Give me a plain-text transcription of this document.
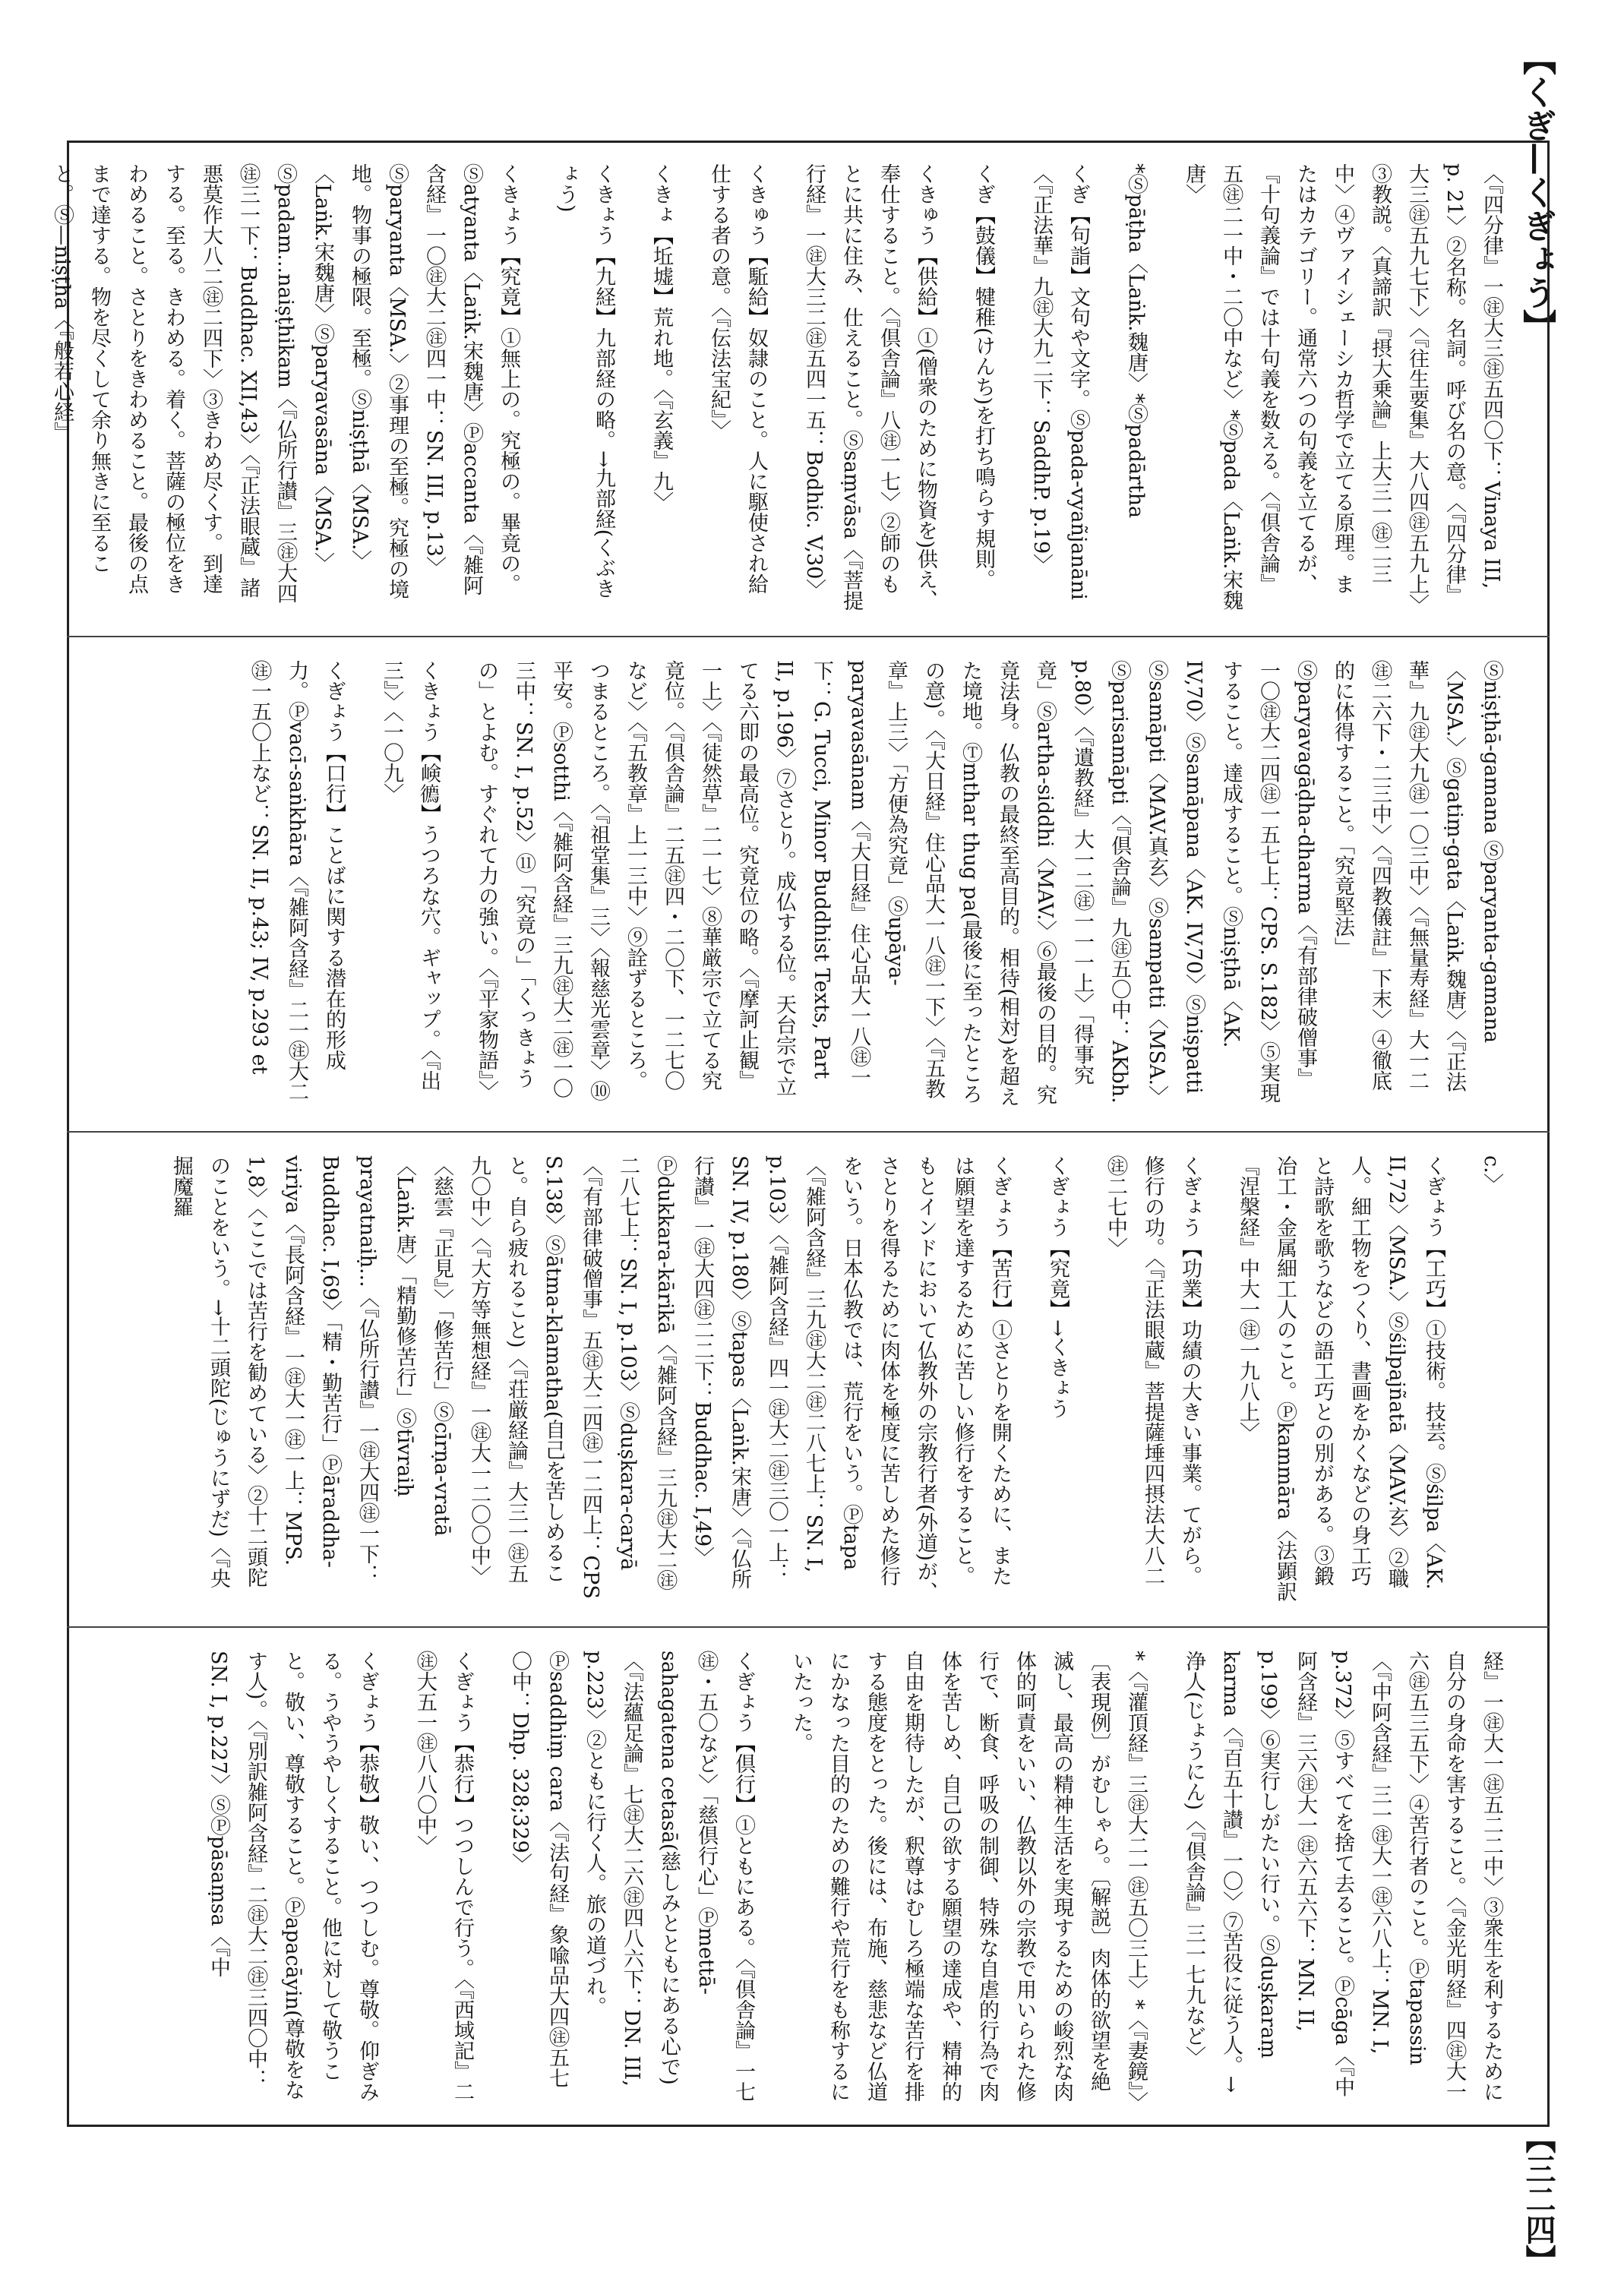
【くぎ—くぎょう】
【三二四】

〈『四分律』一㊟大三㊟五四〇下：Vinaya III, p. 21〉②名称。名詞。呼び名の意。〈『四分律』大三㊟五九七下〉〈『往生要集』大八四㊟五九上〉③教説。〈真諦訳『摂大乗論』上大三一㊟二三中〉④ヴァイシェーシカ哲学で立てる原理。またはカテゴリー。通常六つの句義を立てるが、『十句義論』では十句義を数える。〈『倶舎論』五㊟二一中・二〇中など〉*Ⓢpada〈Laṅk.宋魏唐〉

*Ⓢpāṭha〈Laṅk.魏唐〉*Ⓢpadārtha

くぎ【句詣】文句や文字。Ⓢpada-vyañjanāni〈『正法華』九㊟大九二下：SaddhP. p.19〉

くぎ【鼓儀】犍稚(けんち)を打ち鳴らす規則。

くきゅう【供給】①(僧衆のために物資を)供え、奉仕すること。〈『倶舎論』八㊟一七〉②師のもとに共に住み、仕えること。Ⓢsaṃvāsa〈『菩提行経』一㊟大三二㊟五四一五：Bodhic. V,30〉

くきゅう【駈給】奴隷のこと。人に駆使され給仕する者の意。〈『伝法宝紀』〉

くきょ【坵墟】荒れ地。〈『玄義』九〉

くきょう【九経】九部経の略。→九部経(くぶきょう)

くきょう【究竟】①無上の。究極の。畢竟の。Ⓢatyanta〈Laṅk.宋魏唐〉Ⓟaccanta〈『雑阿含経』一〇㊟大二㊟四一中：SN. III, p.13〉Ⓢparyanta〈MSA.〉②事理の至極。究極の境地。物事の極限。至極。Ⓢniṣṭhā〈MSA.〉〈Laṅk.宋魏唐〉Ⓢparyavasāna〈MSA.〉Ⓢpadam...naiṣṭhikam〈『仏所行讃』三㊟大四㊟三一下：Buddhac. XII,43〉〈『正法眼蔵』諸悪莫作大八二㊟二四下〉③きわめ尽くす。到達する。至る。きわめる。着く。菩薩の極位をきわめること。さとりをきわめること。最後の点まで達する。物を尽くして余り無きに至ること。Ⓢ—niṣṭha〈『般若心経』

Ⓢniṣṭhā-gamana Ⓢparyanta-gamana〈MSA.〉Ⓢgatiṃ-gata〈Laṅk.魏唐〉〈『正法華』九㊟大九㊟一〇三中〉〈『無量寿経』大一二㊟二六下・二三中〉〈『四教儀註』下末〉④徹底的に体得すること。「究竟堅法」Ⓢparyavagāḍha-dharma〈『有部律破僧事』一〇㊟大二四㊟一五七上：CPS. S.182〉⑤実現すること。達成すること。Ⓢniṣṭhā〈AK. IV,70〉Ⓢsamāpana〈AK. IV,70〉Ⓢniṣpatti Ⓢsamāpti〈MAV.真玄〉Ⓢsampatti〈MSA.〉Ⓢparisamāpti〈『倶舎論』九㊟五〇中：AKbh. p.80〉〈『遺教経』大一二㊟一一一上〉「得事究竟」Ⓢartha-siddhi〈MAV.〉⑥最後の目的。究竟法身。仏教の最終至高目的。相待(相対)を超えた境地。Ⓣmthar thug pa(最後に至ったところの意)。〈『大日経』住心品大一八㊟一下〉〈『五教章』上三〉「方便為究竟」Ⓢupāya-paryavasānam〈『大日経』住心品大一八㊟一下：G. Tucci, Minor Buddhist Texts, Part II, p.196〉⑦さとり。成仏する位。天台宗で立てる六即の最高位。究竟位の略。〈『摩訶止観』一上〉〈『徒然草』二一七〉⑧華厳宗で立てる究竟位。〈『倶舎論』二五㊟四・二〇下、一二七〇など〉〈『五教章』上一三中〉⑨詮ずるところ。つまるところ。〈『祖堂集』三〉〈報慈光雲章〉⑩平安。Ⓟsotthi〈『雑阿含経』三九㊟大二㊟一〇三中：SN. I, p.52〉⑪「究竟の」「くっきょうの」とよむ。すぐれて力の強い。〈『平家物語』〉

くきょう【𡸴𢖇】うつろな穴。ギャップ。〈『出三』〉〈一〇九〉

くぎょう【口行】ことばに関する潜在的形成力。Ⓟvacī-saṅkhāra〈『雑阿含経』二一㊟大二㊟一五〇上など：SN. II, p.43; IV, p.293 et

c.〉

くぎょう【工巧】①技術。技芸。Ⓢśilpa〈AK. II,72〉〈MSA.〉Ⓢśilpajñatā〈MAV.玄〉②職人。細工物をつくり、書画をかくなどの身工巧と詩歌を歌うなどの語工巧との別がある。③鍛冶工・金属細工人のこと。Ⓟkammāra〈法顕訳『涅槃経』中大一㊟一九八上〉

くぎょう【功業】功績の大きい事業。てがら。修行の功。〈『正法眼蔵』菩提薩埵四摂法大八二㊟二七中〉

くぎょう【究竟】→くきょう

くぎょう【苦行】①さとりを開くために、または願望を達するために苦しい修行をすること。もとインドにおいて仏教外の宗教行者(外道)が、さとりを得るために肉体を極度に苦しめた修行をいう。日本仏教では、荒行をいう。Ⓟtapa〈『雑阿含経』三九㊟大二㊟二八七上：SN. I, p.103〉〈『雑阿含経』四一㊟大二㊟三〇一上：SN. IV, p.180〉Ⓢtapas〈Laṅk.宋唐〉〈『仏所行讃』一㊟大四㊟二二下：Buddhac. I,49〉Ⓟdukkara-kārikā〈『雑阿含経』三九㊟大二㊟二八七上：SN. I, p.103〉Ⓢduṣkara-caryā〈『有部律破僧事』五㊟大二四㊟一二四上：CPS S.138〉Ⓢātma-klamatha(自己を苦しめること。自ら疲れること)〈『荘厳経論』大三一㊟五九〇中〉〈『大方等無想経』一㊟大一二〇〇中〉〈慈雲『正見』〉「修苦行」Ⓢcīrṇa-vratā〈Laṅk.唐〉「精勤修苦行」Ⓢtīvraiḥ prayatnaiḥ...〈『仏所行讃』一㊟大四㊟一下：Buddhac. I,69〉「精・勤苦行」Ⓟāraddha-viriya〈『長阿含経』一㊟大一㊟一上：MPS. 1,8〉〈ここでは苦行を勧めている〉②十二頭陀のことをいう。→十二頭陀(じゅうにずだ)〈『央掘魔羅

経』一㊟大一㊟五二二中〉③衆生を利するために自分の身命を害すること。〈『金光明経』四㊟大一六㊟五三五下〉④苦行者のこと。Ⓟtapassin〈『中阿含経』三一㊟大一㊟六八上：MN. I, p.372〉⑤すべてを捨て去ること。Ⓟcāga〈『中阿含経』三六㊟大一㊟六五六下：MN. II, p.199〉⑥実行しがたい行い。Ⓢduṣkaraṃ karma〈『百五十讃』一〇〉⑦苦役に従う人。→浄人(じょうにん)〈『倶舎論』三一七九など〉

*〈『灌頂経』三㊟大二一㊟五〇三上〉*〈『妻鏡』〉〔表現例〕がむしゃら。〔解説〕肉体的欲望を絶滅し、最高の精神生活を実現するための峻烈な肉体的呵責をいい、仏教以外の宗教で用いられた修行で、断食、呼吸の制御、特殊な自虐的行為で肉体を苦しめ、自己の欲する願望の達成や、精神的自由を期待したが、釈尊はむしろ極端な苦行を排する態度をとった。後には、布施、慈悲など仏道にかなった目的のための難行や荒行をも称するにいたった。

くぎょう【倶行】①ともにある。〈『倶舎論』一七㊟・五〇など〉「慈倶行心」Ⓟmettā-sahagatena cetasā(慈しみとともにある心で)〈『法蘊足論』七㊟大二六㊟四八六下：DN. III, p.223〉②ともに行く人。旅の道づれ。Ⓟsaddhiṃ cara〈『法句経』象喩品大四㊟五七〇中：Dhp. 328;329〉

くぎょう【恭行】つつしんで行う。〈『西域記』二㊟大五一㊟八八〇中〉

くぎょう【恭敬】敬い、つつしむ。尊敬。仰ぎみる。うやうやしくすること。他に対して敬うこと。敬い、尊敬すること。Ⓟapacāyin(尊敬をなす人)。〈『別訳雑阿含経』二㊟大二㊟三四〇中：SN. I, p.227〉ⓈⓅpāsaṃsa〈『中
